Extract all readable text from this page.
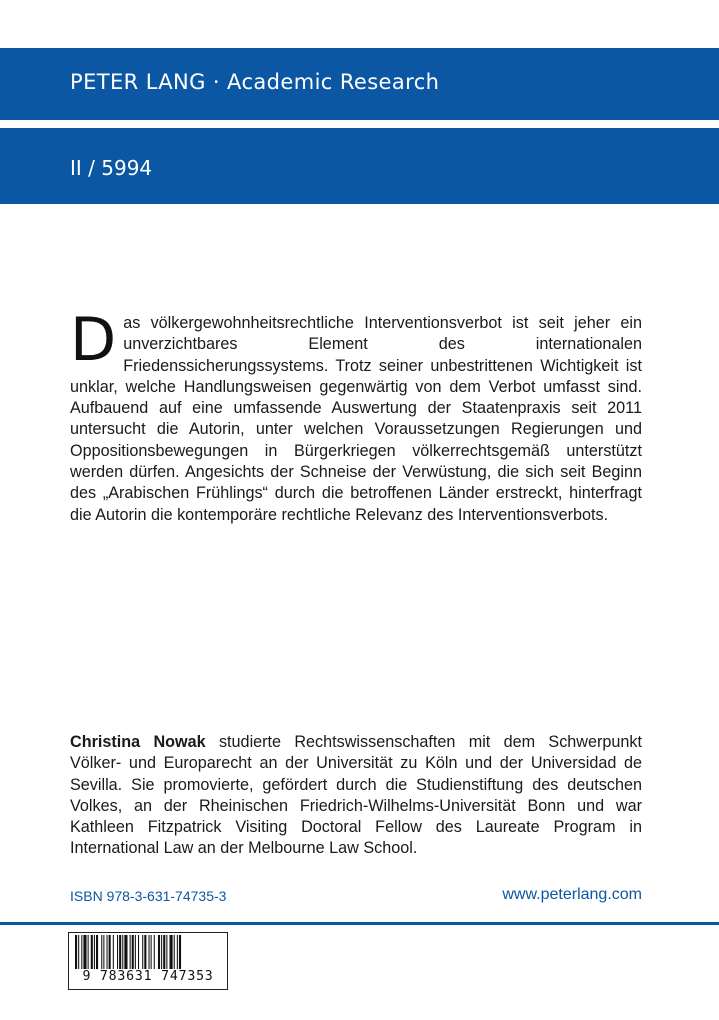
PETER LANG · Academic Research
II / 5994
D as völkergewohnheitsrechtliche Interventionsverbot ist seit jeher ein unverzichtbares Element des internationalen Friedenssicherungssystems. Trotz seiner unbestrittenen Wichtigkeit ist unklar, welche Handlungsweisen gegenwärtig von dem Verbot umfasst sind. Aufbauend auf eine umfassende Auswertung der Staatenpraxis seit 2011 untersucht die Autorin, unter welchen Voraussetzungen Regierungen und Oppositionsbewegungen in Bürgerkriegen völkerrechtsgemäß unterstützt werden dürfen. Angesichts der Schneise der Verwüstung, die sich seit Beginn des „Arabischen Frühlings“ durch die betroffenen Länder erstreckt, hinterfragt die Autorin die kontemporäre rechtliche Relevanz des Interventionsverbots.
Christina Nowak studierte Rechtswissenschaften mit dem Schwerpunkt Völker- und Europarecht an der Universität zu Köln und der Universidad de Sevilla. Sie promovierte, gefördert durch die Studienstiftung des deutschen Volkes, an der Rheinischen Friedrich-Wilhelms-Universität Bonn und war Kathleen Fitzpatrick Visiting Doctoral Fellow des Laureate Program in International Law an der Melbourne Law School.
ISBN 978-3-631-74735-3	www.peterlang.com
9 783631 747353
